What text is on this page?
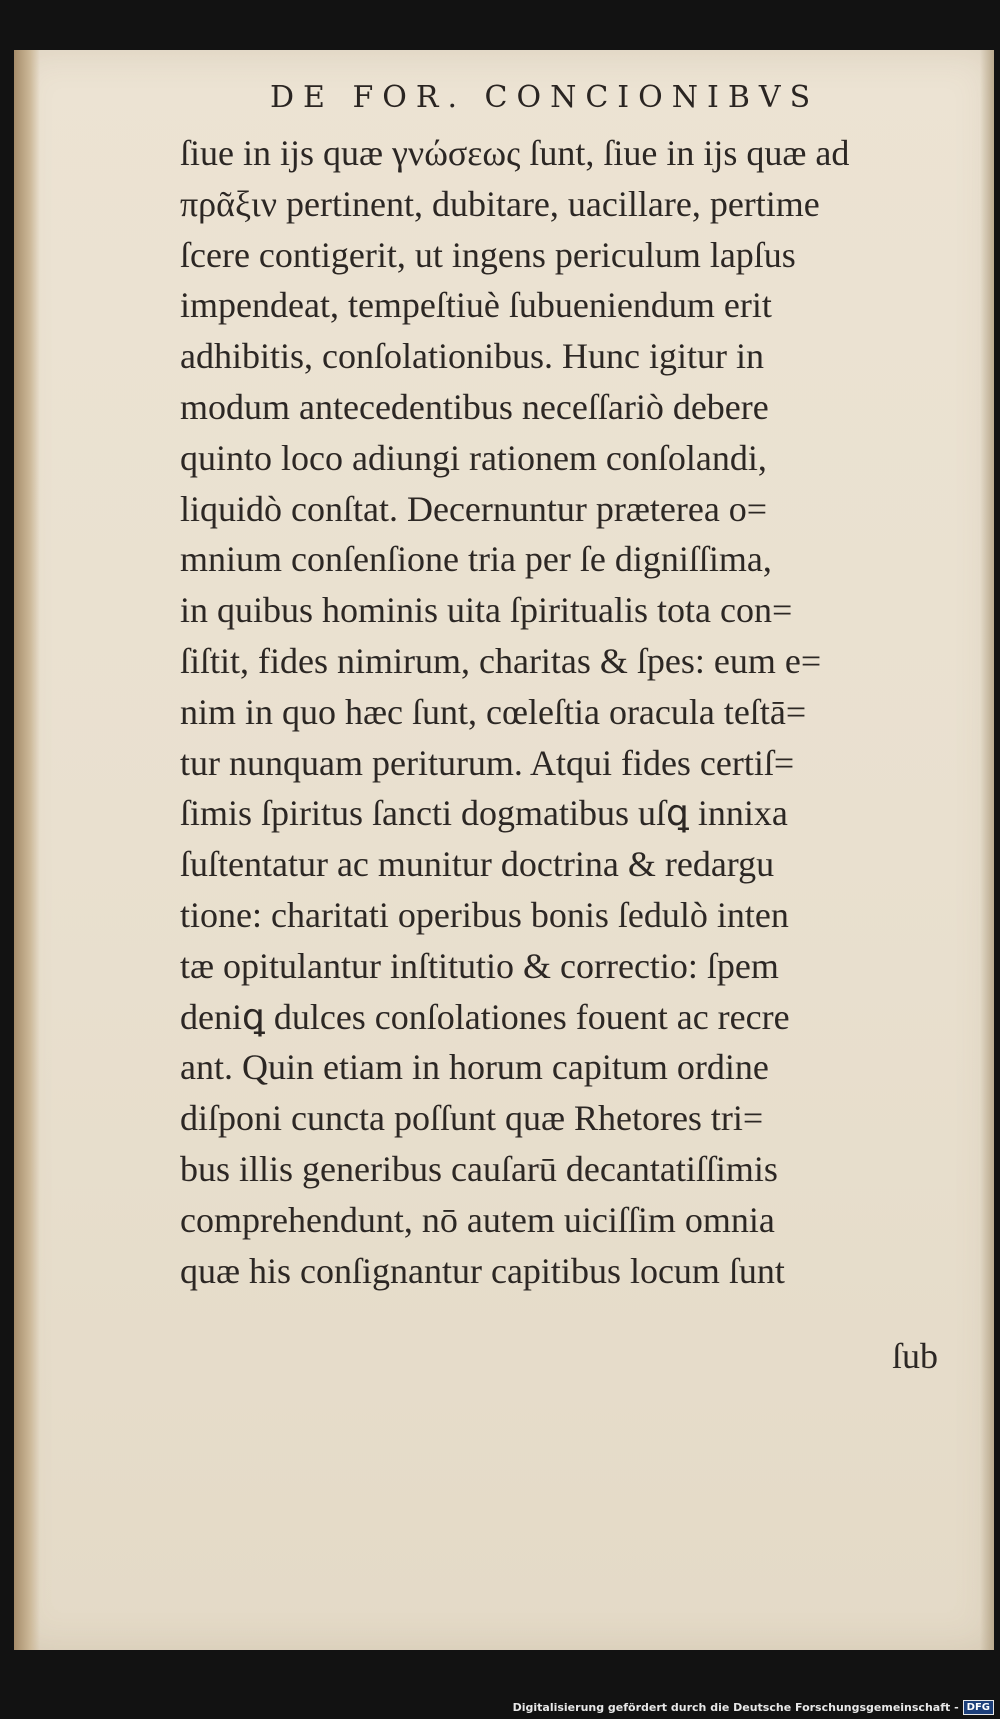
DE FOR. CONCIONIBVS
ſiue in ijs quæ γνώσεως ſunt, ſiue in ijs quæ ad
πρᾶξιν pertinent, dubitare, uacillare, pertime
ſcere contigerit, ut ingens periculum lapſus
impendeat, tempeſtiuè ſubueniendum erit
adhibitis, conſolationibus. Hunc igitur in
modum antecedentibus neceſſariò debere
quinto loco adiungi rationem conſolandi,
liquidò conſtat. Decernuntur præterea o=
mnium conſenſione tria per ſe digniſſima,
in quibus hominis uita ſpiritualis tota con=
ſiſtit, fides nimirum, charitas & ſpes: eum e=
nim in quo hæc ſunt, cœleſtia oracula teſtā=
tur nunquam periturum. Atqui fides certiſ=
ſimis ſpiritus ſancti dogmatibus uſꝗ innixa
ſuſtentatur ac munitur doctrina & redargu
tione: charitati operibus bonis ſedulò inten
tæ opitulantur inſtitutio & correctio: ſpem
deniꝗ dulces conſolationes fouent ac recre
ant. Quin etiam in horum capitum ordine
diſponi cuncta poſſunt quæ Rhetores tri=
bus illis generibus cauſarū decantatiſſimis
comprehendunt, nō autem uiciſſim omnia
quæ his conſignantur capitibus locum ſunt
ſub
Digitalisierung gefördert durch die Deutsche Forschungsgemeinschaft - DFG
